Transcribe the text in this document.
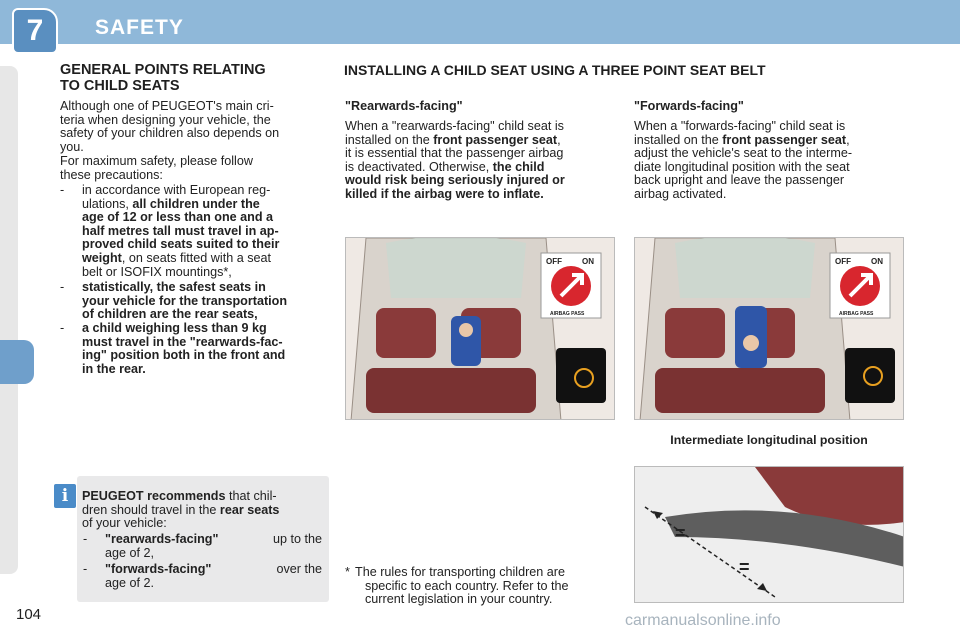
7 SAFETY
GENERAL POINTS RELATING
TO CHILD SEATS
Although one of PEUGEOT's main cri-
teria when designing your vehicle, the
safety of your children also depends on
you.
For maximum safety, please follow
these precautions:
- in accordance with European reg-
ulations, all children under the
age of 12 or less than one and a
half metres tall must travel in ap-
proved child seats suited to their
weight, on seats fitted with a seat
belt or ISOFIX mountings*,
- statistically, the safest seats in
your vehicle for the transportation
of children are the rear seats,
- a child weighing less than 9 kg
must travel in the "rearwards-fac-
ing" position both in the front and
in the rear.
i	PEUGEOT recommends that chil-
dren should travel in the rear seats
of your vehicle:
- "rearwards-facing"	up to the
age of 2,
- "forwards-facing"	over the
age of 2.
INSTALLING A CHILD SEAT USING A THREE POINT SEAT BELT
"Rearwards-facing"
When a "rearwards-facing" child seat is
installed on the front passenger seat,
it is essential that the passenger airbag
is deactivated. Otherwise, the child
would risk being seriously injured or
killed if the airbag were to inflate.
"Forwards-facing"
When a "forwards-facing" child seat is
installed on the front passenger seat,
adjust the vehicle's seat to the interme-
diate longitudinal position with the seat
back upright and leave the passenger
airbag activated.
OFF	ON
AIRBAG PASS
OFF	ON
AIRBAG PASS
Intermediate longitudinal position
=
=
* The rules for transporting children are
specific to each country. Refer to the
current legislation in your country.
104	carmanualsonline.info
